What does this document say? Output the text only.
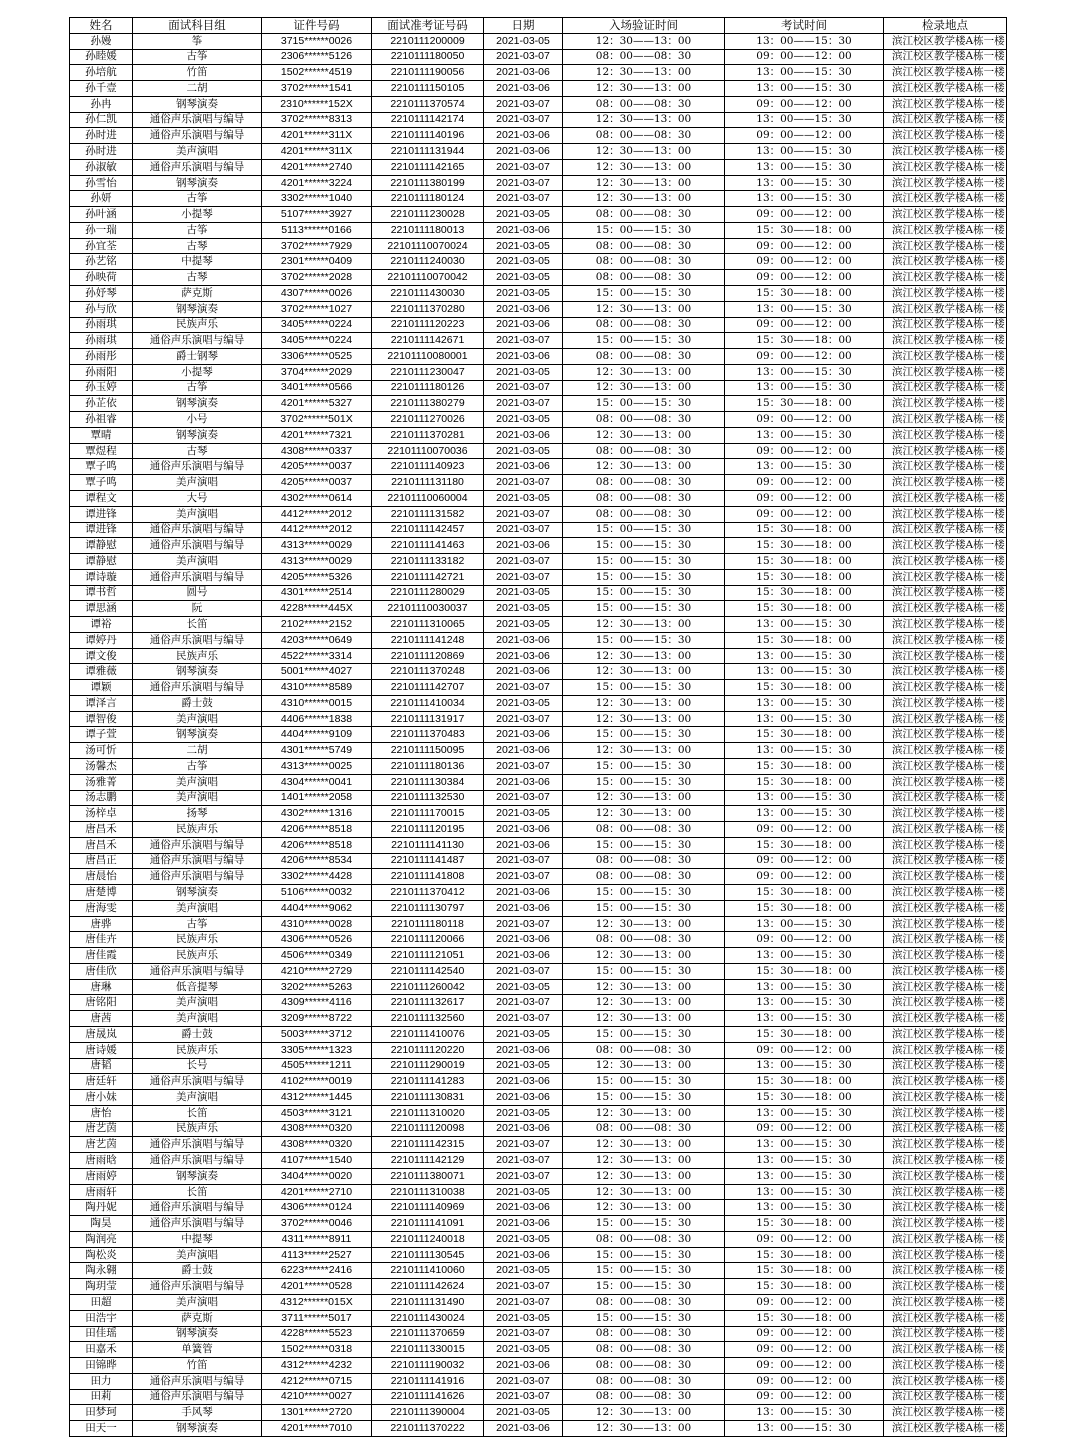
姓名	面试科目组	证件号码	面试准考证号码	日期	入场验证时间	考试时间	检录地点
孙嫚	筝	3715******0026	2210111200009	2021-03-05	12：30——13：00	13：00——15：30	滨江校区教学楼A栋一楼
孙睦媛	古筝	2306******5126	2210111180050	2021-03-07	08：00——08：30	09：00——12：00	滨江校区教学楼A栋一楼
孙培航	竹笛	1502******4519	2210111190056	2021-03-06	12：30——13：00	13：00——15：30	滨江校区教学楼A栋一楼
孙千壹	二胡	3702******1541	2210111150105	2021-03-06	12：30——13：00	13：00——15：30	滨江校区教学楼A栋一楼
孙冉	钢琴演奏	2310******152X	2210111370574	2021-03-07	08：00——08：30	09：00——12：00	滨江校区教学楼A栋一楼
孙仁凯	通俗声乐演唱与编导	3702******8313	2210111142174	2021-03-07	12：30——13：00	13：00——15：30	滨江校区教学楼A栋一楼
孙时进	通俗声乐演唱与编导	4201******311X	2210111140196	2021-03-06	08：00——08：30	09：00——12：00	滨江校区教学楼A栋一楼
孙时进	美声演唱	4201******311X	2210111131944	2021-03-06	12：30——13：00	13：00——15：30	滨江校区教学楼A栋一楼
孙淑敏	通俗声乐演唱与编导	4201******2740	2210111142165	2021-03-07	12：30——13：00	13：00——15：30	滨江校区教学楼A栋一楼
孙雪怡	钢琴演奏	4201******3224	2210111380199	2021-03-07	12：30——13：00	13：00——15：30	滨江校区教学楼A栋一楼
孙妍	古筝	3302******1040	2210111180124	2021-03-07	12：30——13：00	13：00——15：30	滨江校区教学楼A栋一楼
孙叶涵	小提琴	5107******3927	2210111230028	2021-03-05	08：00——08：30	09：00——12：00	滨江校区教学楼A栋一楼
孙一瑞	古筝	5113******0166	2210111180013	2021-03-06	15：00——15：30	15：30——18：00	滨江校区教学楼A栋一楼
孙宜荃	古琴	3702******7929	22101110070024	2021-03-05	08：00——08：30	09：00——12：00	滨江校区教学楼A栋一楼
孙艺铭	中提琴	2301******0409	2210111240030	2021-03-05	08：00——08：30	09：00——12：00	滨江校区教学楼A栋一楼
孙映荷	古琴	3702******2028	22101110070042	2021-03-05	08：00——08：30	09：00——12：00	滨江校区教学楼A栋一楼
孙妤琴	萨克斯	4307******0026	2210111430030	2021-03-05	15：00——15：30	15：30——18：00	滨江校区教学楼A栋一楼
孙与欣	钢琴演奏	3702******1027	2210111370280	2021-03-06	12：30——13：00	13：00——15：30	滨江校区教学楼A栋一楼
孙雨琪	民族声乐	3405******0224	2210111120223	2021-03-06	08：00——08：30	09：00——12：00	滨江校区教学楼A栋一楼
孙雨琪	通俗声乐演唱与编导	3405******0224	2210111142671	2021-03-07	15：00——15：30	15：30——18：00	滨江校区教学楼A栋一楼
孙雨彤	爵士钢琴	3306******0525	22101110080001	2021-03-06	08：00——08：30	09：00——12：00	滨江校区教学楼A栋一楼
孙雨阳	小提琴	3704******2029	2210111230047	2021-03-05	12：30——13：00	13：00——15：30	滨江校区教学楼A栋一楼
孙玉婷	古筝	3401******0566	2210111180126	2021-03-07	12：30——13：00	13：00——15：30	滨江校区教学楼A栋一楼
孙芷依	钢琴演奏	4201******5327	2210111380279	2021-03-07	15：00——15：30	15：30——18：00	滨江校区教学楼A栋一楼
孙祖睿	小号	3702******501X	2210111270026	2021-03-05	08：00——08：30	09：00——12：00	滨江校区教学楼A栋一楼
覃晴	钢琴演奏	4201******7321	2210111370281	2021-03-06	12：30——13：00	13：00——15：30	滨江校区教学楼A栋一楼
覃煜程	古琴	4308******0337	22101110070036	2021-03-05	08：00——08：30	09：00——12：00	滨江校区教学楼A栋一楼
覃子鸣	通俗声乐演唱与编导	4205******0037	2210111140923	2021-03-06	12：30——13：00	13：00——15：30	滨江校区教学楼A栋一楼
覃子鸣	美声演唱	4205******0037	2210111131180	2021-03-07	08：00——08：30	09：00——12：00	滨江校区教学楼A栋一楼
谭程文	大号	4302******0614	22101110060004	2021-03-05	08：00——08：30	09：00——12：00	滨江校区教学楼A栋一楼
谭进锋	美声演唱	4412******2012	2210111131582	2021-03-07	08：00——08：30	09：00——12：00	滨江校区教学楼A栋一楼
谭进锋	通俗声乐演唱与编导	4412******2012	2210111142457	2021-03-07	15：00——15：30	15：30——18：00	滨江校区教学楼A栋一楼
谭静慰	通俗声乐演唱与编导	4313******0029	2210111141463	2021-03-06	15：00——15：30	15：30——18：00	滨江校区教学楼A栋一楼
谭静慰	美声演唱	4313******0029	2210111133182	2021-03-07	15：00——15：30	15：30——18：00	滨江校区教学楼A栋一楼
谭诗璇	通俗声乐演唱与编导	4205******5326	2210111142721	2021-03-07	15：00——15：30	15：30——18：00	滨江校区教学楼A栋一楼
谭书哲	圆号	4301******2514	2210111280029	2021-03-05	15：00——15：30	15：30——18：00	滨江校区教学楼A栋一楼
谭思涵	阮	4228******445X	22101110030037	2021-03-05	15：00——15：30	15：30——18：00	滨江校区教学楼A栋一楼
谭裕	长笛	2102******2152	2210111310065	2021-03-05	12：30——13：00	13：00——15：30	滨江校区教学楼A栋一楼
谭婷丹	通俗声乐演唱与编导	4203******0649	2210111141248	2021-03-06	15：00——15：30	15：30——18：00	滨江校区教学楼A栋一楼
谭文俊	民族声乐	4522******3314	2210111120869	2021-03-06	12：30——13：00	13：00——15：30	滨江校区教学楼A栋一楼
谭雅薇	钢琴演奏	5001******4027	2210111370248	2021-03-06	12：30——13：00	13：00——15：30	滨江校区教学楼A栋一楼
谭颖	通俗声乐演唱与编导	4310******8589	2210111142707	2021-03-07	15：00——15：30	15：30——18：00	滨江校区教学楼A栋一楼
谭泽言	爵士鼓	4310******0015	2210111410034	2021-03-05	12：30——13：00	13：00——15：30	滨江校区教学楼A栋一楼
谭智俊	美声演唱	4406******1838	2210111131917	2021-03-07	12：30——13：00	13：00——15：30	滨江校区教学楼A栋一楼
谭子萱	钢琴演奏	4404******9109	2210111370483	2021-03-06	15：00——15：30	15：30——18：00	滨江校区教学楼A栋一楼
汤可忻	二胡	4301******5749	2210111150095	2021-03-06	12：30——13：00	13：00——15：30	滨江校区教学楼A栋一楼
汤馨杰	古筝	4313******0025	2210111180136	2021-03-07	15：00——15：30	15：30——18：00	滨江校区教学楼A栋一楼
汤雅菁	美声演唱	4304******0041	2210111130384	2021-03-06	15：00——15：30	15：30——18：00	滨江校区教学楼A栋一楼
汤志鹏	美声演唱	1401******2058	2210111132530	2021-03-07	12：30——13：00	13：00——15：30	滨江校区教学楼A栋一楼
汤梓卓	扬琴	4302******1316	2210111170015	2021-03-05	12：30——13：00	13：00——15：30	滨江校区教学楼A栋一楼
唐昌禾	民族声乐	4206******8518	2210111120195	2021-03-06	08：00——08：30	09：00——12：00	滨江校区教学楼A栋一楼
唐昌禾	通俗声乐演唱与编导	4206******8518	2210111141130	2021-03-06	15：00——15：30	15：30——18：00	滨江校区教学楼A栋一楼
唐昌正	通俗声乐演唱与编导	4206******8534	2210111141487	2021-03-07	08：00——08：30	09：00——12：00	滨江校区教学楼A栋一楼
唐晨怡	通俗声乐演唱与编导	3302******4428	2210111141808	2021-03-07	08：00——08：30	09：00——12：00	滨江校区教学楼A栋一楼
唐楚博	钢琴演奏	5106******0032	2210111370412	2021-03-06	15：00——15：30	15：30——18：00	滨江校区教学楼A栋一楼
唐海雯	美声演唱	4404******9062	2210111130797	2021-03-06	15：00——15：30	15：30——18：00	滨江校区教学楼A栋一楼
唐骅	古筝	4310******0028	2210111180118	2021-03-07	12：30——13：00	13：00——15：30	滨江校区教学楼A栋一楼
唐佳卉	民族声乐	4306******0526	2210111120066	2021-03-06	08：00——08：30	09：00——12：00	滨江校区教学楼A栋一楼
唐佳霞	民族声乐	4506******0349	2210111121051	2021-03-06	12：30——13：00	13：00——15：30	滨江校区教学楼A栋一楼
唐佳欣	通俗声乐演唱与编导	4210******2729	2210111142540	2021-03-07	15：00——15：30	15：30——18：00	滨江校区教学楼A栋一楼
唐琳	低音提琴	3202******5263	2210111260042	2021-03-05	12：30——13：00	13：00——15：30	滨江校区教学楼A栋一楼
唐铭阳	美声演唱	4309******4116	2210111132617	2021-03-07	12：30——13：00	13：00——15：30	滨江校区教学楼A栋一楼
唐茜	美声演唱	3209******8722	2210111132560	2021-03-07	12：30——13：00	13：00——15：30	滨江校区教学楼A栋一楼
唐晟岚	爵士鼓	5003******3712	2210111410076	2021-03-05	15：00——15：30	15：30——18：00	滨江校区教学楼A栋一楼
唐诗媛	民族声乐	3305******1323	2210111120220	2021-03-06	08：00——08：30	09：00——12：00	滨江校区教学楼A栋一楼
唐韬	长号	4505******1211	2210111290019	2021-03-05	12：30——13：00	13：00——15：30	滨江校区教学楼A栋一楼
唐廷轩	通俗声乐演唱与编导	4102******0019	2210111141283	2021-03-06	15：00——15：30	15：30——18：00	滨江校区教学楼A栋一楼
唐小妹	美声演唱	4312******1445	2210111130831	2021-03-06	15：00——15：30	15：30——18：00	滨江校区教学楼A栋一楼
唐怡	长笛	4503******3121	2210111310020	2021-03-05	12：30——13：00	13：00——15：30	滨江校区教学楼A栋一楼
唐艺茵	民族声乐	4308******0320	2210111120098	2021-03-06	08：00——08：30	09：00——12：00	滨江校区教学楼A栋一楼
唐艺茵	通俗声乐演唱与编导	4308******0320	2210111142315	2021-03-07	12：30——13：00	13：00——15：30	滨江校区教学楼A栋一楼
唐雨晗	通俗声乐演唱与编导	4107******1540	2210111142129	2021-03-07	12：30——13：00	13：00——15：30	滨江校区教学楼A栋一楼
唐雨婷	钢琴演奏	3404******0020	2210111380071	2021-03-07	12：30——13：00	13：00——15：30	滨江校区教学楼A栋一楼
唐雨轩	长笛	4201******2710	2210111310038	2021-03-05	12：30——13：00	13：00——15：30	滨江校区教学楼A栋一楼
陶丹妮	通俗声乐演唱与编导	4306******0124	2210111140969	2021-03-06	12：30——13：00	13：00——15：30	滨江校区教学楼A栋一楼
陶昊	通俗声乐演唱与编导	3702******0046	2210111141091	2021-03-06	15：00——15：30	15：30——18：00	滨江校区教学楼A栋一楼
陶润亮	中提琴	4311******8911	2210111240018	2021-03-05	08：00——08：30	09：00——12：00	滨江校区教学楼A栋一楼
陶松炎	美声演唱	4113******2527	2210111130545	2021-03-06	15：00——15：30	15：30——18：00	滨江校区教学楼A栋一楼
陶永翱	爵士鼓	6223******2416	2210111410060	2021-03-05	15：00——15：30	15：30——18：00	滨江校区教学楼A栋一楼
陶玥莹	通俗声乐演唱与编导	4201******0528	2210111142624	2021-03-07	15：00——15：30	15：30——18：00	滨江校区教学楼A栋一楼
田超	美声演唱	4312******015X	2210111131490	2021-03-07	08：00——08：30	09：00——12：00	滨江校区教学楼A栋一楼
田浩宇	萨克斯	3711******5017	2210111430024	2021-03-05	15：00——15：30	15：30——18：00	滨江校区教学楼A栋一楼
田佳瑶	钢琴演奏	4228******5523	2210111370659	2021-03-07	08：00——08：30	09：00——12：00	滨江校区教学楼A栋一楼
田嘉禾	单簧管	1502******0318	2210111330015	2021-03-05	08：00——08：30	09：00——12：00	滨江校区教学楼A栋一楼
田锦晔	竹笛	4312******4232	2210111190032	2021-03-06	08：00——08：30	09：00——12：00	滨江校区教学楼A栋一楼
田力	通俗声乐演唱与编导	4212******0715	2210111141916	2021-03-07	08：00——08：30	09：00——12：00	滨江校区教学楼A栋一楼
田莉	通俗声乐演唱与编导	4210******0027	2210111141626	2021-03-07	08：00——08：30	09：00——12：00	滨江校区教学楼A栋一楼
田梦珂	手风琴	1301******2720	2210111390004	2021-03-05	12：30——13：00	13：00——15：30	滨江校区教学楼A栋一楼
田天一	钢琴演奏	4201******7010	2210111370222	2021-03-06	12：30——13：00	13：00——15：30	滨江校区教学楼A栋一楼
